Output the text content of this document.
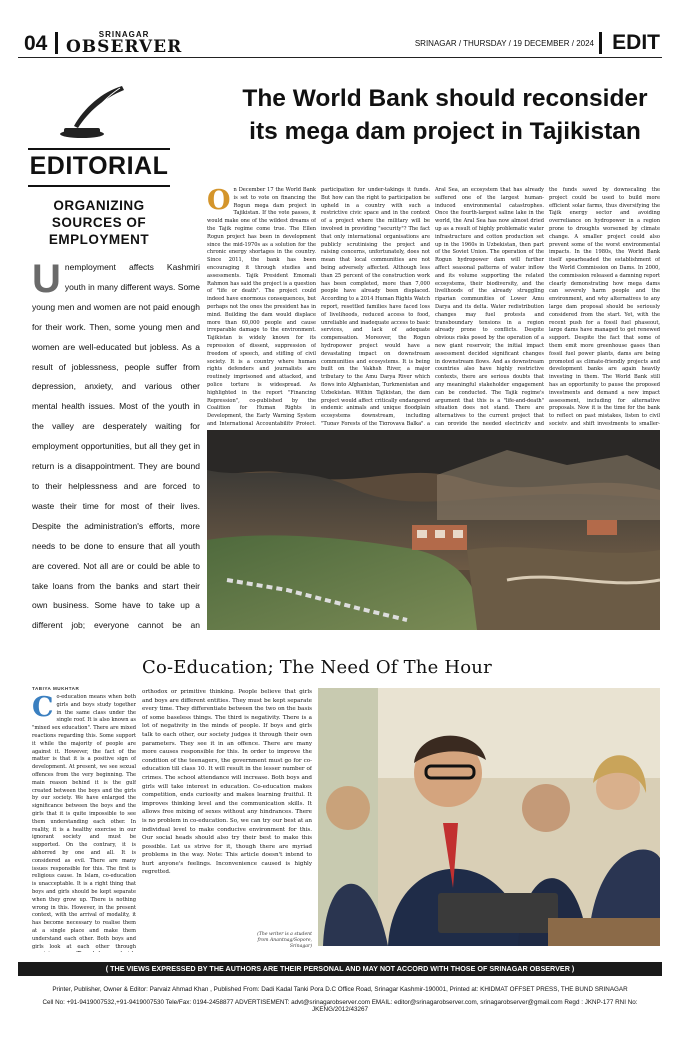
04	SRINAGAR
OBSERVER	SRINAGAR / THURSDAY / 19 DECEMBER / 2024 EDIT
EDITORIAL
ORGANIZING SOURCES OF EMPLOYMENT
Unemployment affects Kashmiri youth in many different ways. Some young men and women are not paid enough for their work. Then, some young men and women are well-educated but jobless. As a result of joblessness, people suffer from depression, anxiety, and various other mental health issues. Most of the youth in the valley are desperately waiting for employment opportunities, but all they get in return is a disappointment. They are bound to their helplessness and are forced to waste their time for most of their lives. Despite the administration's efforts, more needs to be done to ensure that all youth are covered. Not all are or could be able to take loans from the banks and start their own business. Some have to take up a different job; everyone cannot be an
The World Bank should reconsider its mega dam project in Tajikistan
On December 17 the World Bank is set to vote on financing the Rogun mega dam project in Tajikistan. If the vote passes, it would make one of the wildest dreams of the Tajik regime come true. The Ellen Rogun project has been in development since the mid-1970s as a solution for the chronic energy shortages in the country. Since 2011, the bank has been encouraging it through studies and assessments. Tajik President Emomali Rahmon has said the project is a question of "life or death". The project could indeed have enormous consequences, but perhaps not the ones the president has in mind. Building the dam would displace more than 60,000 people and cause irreparable damage to the environment. Tajikistan is widely known for its repression of dissent, suppression of freedom of speech, and stifling of civil society. It is a country where human rights defenders and journalists are routinely imprisoned and attacked, and police torture is widespread. As highlighted in the report "Financing Repression", co-published by the Coalition for Human Rights in Development, the Early Warning System and International Accountability Project,
participation for under-takings it funds. But how can the right to participation be upheld in a country with such a restrictive civic space and in the context of a project where the military will be involved in providing "security"? The fact that only international organisations are publicly scrutinising the project and raising concerns, unfortunately, does not mean that local communities are not being adversely affected. Although less than 25 percent of the construction work has been completed, more than 7,000 people have already been displaced. According to a 2014 Human Rights Watch report, resettled families have faced loss of livelihoods, reduced access to food, unreliable and inadequate access to basic services, and lack of adequate compensation. Moreover, the Rogun hydropower project would have a devastating impact on downstream communities and ecosystems. It is being built on the Vakhsh River, a major tributary to the Amu Darya River which flows into Afghanistan, Turkmenistan and Uzbekistan. Within Tajikistan, the dam project would affect critically endangered endemic animals and unique floodplain ecosystems downstream, including "Tugay Forests of the Tigrovaya Balka", a
Aral Sea, an ecosystem that has already suffered one of the largest human-induced environmental catastrophes. Once the fourth-largest saline lake in the world, the Aral Sea has now almost dried up as a result of highly problematic water infrastructure and cotton production set up in the 1960s in Uzbekistan, then part of the Soviet Union. The operation of the Rogun hydropower dam will further affect seasonal patterns of water inflow and its volume supporting the related ecosystems, their biodiversity, and the livelihoods of the already struggling riparian communities of Lower Amu Darya and its delta. Water redistribution changes may fuel protests and transboundary tensions in a region already prone to conflicts. Despite obvious risks posed by the operation of a new giant reservoir, the initial impact assessment decided significant changes in downstream flows. And as downstream countries also have highly restrictive contexts, there are serious doubts that any meaningful stakeholder engagement can be conducted. The Tajik regime's argument that this is a "life-and-death" situation does not stand. There are alternatives to the current project that can provide the needed electricity and
the funds saved by downscaling the project could be used to build more efficient solar farms, thus diversifying the Tajik energy sector and avoiding overreliance on hydropower in a region prone to droughts worsened by climate change. A smaller project could also prevent some of the worst environmental impacts. In the 1980s, the World Bank itself spearheaded the establishment of the World Commission on Dams. In 2000, the commission released a damning report clearly demonstrating how mega dams can severely harm people and the environment, and why alternatives to any large dam proposal should be seriously considered from the start. Yet, with the recent push for a fossil fuel phaseout, large dams have managed to get renewed support. Despite the fact that some of them emit more greenhouse gases than fossil fuel power plants, dams are being promoted as climate-friendly projects and development banks are again heavily investing in them. The World Bank still has an opportunity to pause the proposed investments and demand a new impact assessment, including for alternative proposals. Now it is the time for the bank to reflect on past mistakes, listen to civil society, and shift investments to smaller-
Co-Education; The Need Of The Hour
TABIYA MUKHTAR
Co-education means when both girls and boys study together in the same class under the single roof. It is also known as "mixed sex education". There are mixed reactions regarding this. Some support it while the majority of people are against it. However, the fact of the matter is that it is a positive sign of development. At present, we see sexual offences from the very beginning. The main reason behind it is the gulf created between the boys and the girls by our society. We have enlarged the significance between the boys and the girls that it is quite impossible to see them understanding each other. In reality, it is a healthy exercise in our ignorant society and must be supported. On the contrary, it is abhorred by one and all. It is considered as evil. There are many issues responsible for this. The first is religious cause. In Islam, co-education is unacceptable. It is a right thing that boys and girls should be kept separate when they grow up. There is nothing wrong in this. However, in the present context, with the arrival of modality, it has become necessary to realise them at a single place and make them understand each other. Both boys and girls look at each other through
orthodox or primitive thinking. People believe that girls and boys are different entities. They must be kept separate every time. They differentiate between the two on the basis of some baseless things. The third is negativity. There is a lot of negativity in the minds of people. If boys and girls talk to each other, our society judges it through their own parameters. They see it in an offence. There are many more causes responsible for this. In order to improve the condition of the teenagers, the government must go for co-education till class 10. It will result in the lesser number of crimes. The school attendance will increase. Both boys and girls will take interest in education. Co-education makes competition, ends curiosity and makes learning fruitful. It improves thinking level and the communication skills. It allows free mixing of sexes without any hindrances. There is no problem in co-education. So, we can try our best at an individual level to make conducive environment for this. Our social heads should also try their best to make this possible. Let us strive for it, though there are myriad problems in the way. Note: This article doesn't intend to hurt anyone's feelings. Inconvenience caused is highly regretted.
(The writer is a student from Anantnag/Sopore, Srinagar)
( THE VIEWS EXPRESSED BY THE AUTHORS ARE THEIR PERSONAL AND MAY NOT ACCORD WITH THOSE OF SRINAGAR OBSERVER )
Printer, Publisher, Owner & Editor: Parvaiz Ahmad Khan , Published From: Dadi Kadal Tanki Pora D.C Office Road, Srinagar Kashmir-190001, Printed at: KHIDMAT OFFSET PRESS, THE BUND SRINAGAR
Cell No: +91-9419007532,+91-9419007530 Tele/Fax: 0194-2458877 ADVERTISEMENT: advt@srinagarobserver.com EMAIL: editor@srinagarobserver.com, srinagarobserver@gmail.com Regd : JKNP-177 RNI No: JKENG/2012/43267
